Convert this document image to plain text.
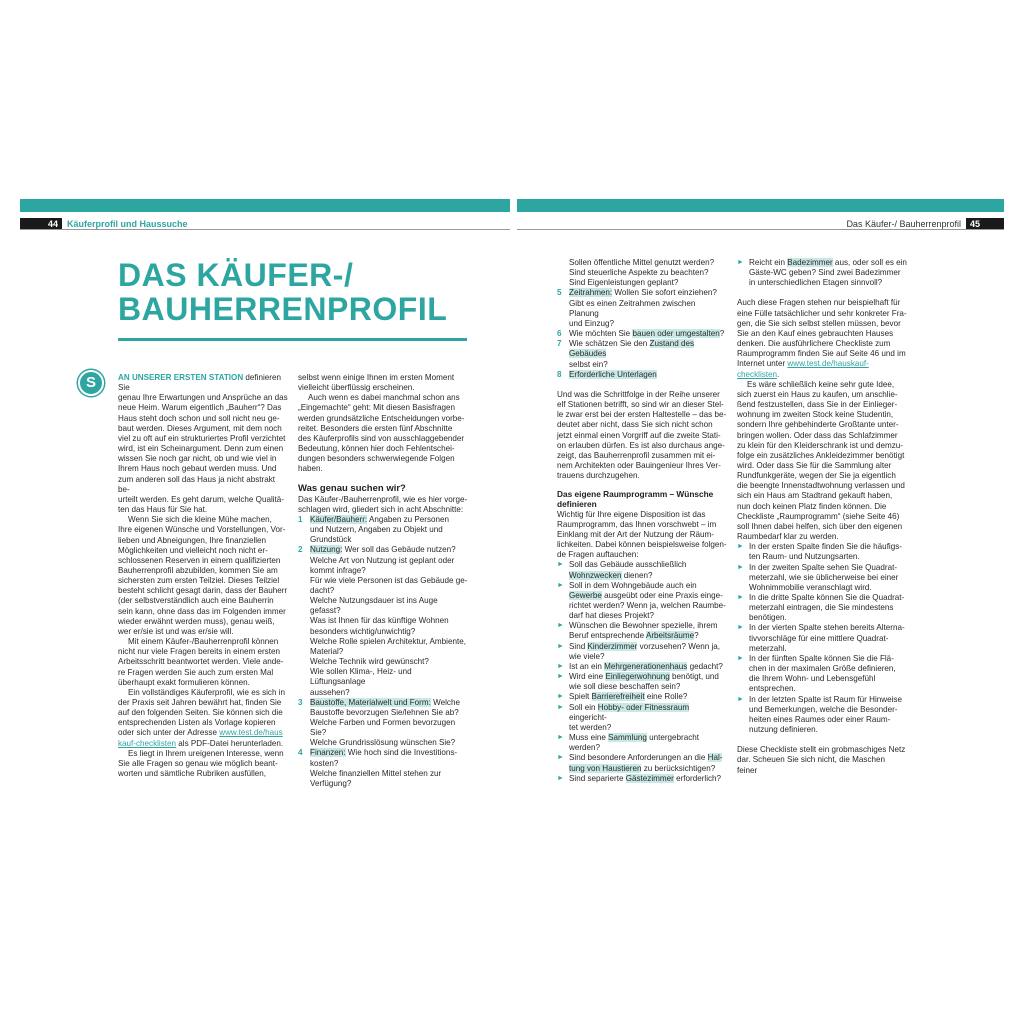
44	Käuferprofil und Haussuche	Das Käufer-/ Bauherrenprofil	45
DAS KÄUFER-/
BAUHERRENPROFIL
S	AN UNSERER ERSTEN STATION definieren Sie
genau Ihre Erwartungen und Ansprüche an das
neue Heim. Warum eigentlich „Bauherr“? Das
Haus steht doch schon und soll nicht neu ge-
baut werden. Dieses Argument, mit dem noch
viel zu oft auf ein strukturiertes Profil verzichtet
wird, ist ein Scheinargument. Denn zum einen
wissen Sie noch gar nicht, ob und wie viel in
Ihrem Haus noch gebaut werden muss. Und
zum anderen soll das Haus ja nicht abstrakt be-
urteilt werden. Es geht darum, welche Qualitä-
ten das Haus für Sie hat.
Wenn Sie sich die kleine Mühe machen,
Ihre eigenen Wünsche und Vorstellungen, Vor-
lieben und Abneigungen, Ihre finanziellen
Möglichkeiten und vielleicht noch nicht er-
schlossenen Reserven in einem qualifizierten
Bauherrenprofil abzubilden, kommen Sie am
sichersten zum ersten Teilziel. Dieses Teilziel
besteht schlicht gesagt darin, dass der Bauherr
(der selbstverständlich auch eine Bauherrin
sein kann, ohne dass das im Folgenden immer
wieder erwähnt werden muss), genau weiß,
wer er/sie ist und was er/sie will.
Mit einem Käufer-/Bauherrenprofil können
nicht nur viele Fragen bereits in einem ersten
Arbeitsschritt beantwortet werden. Viele ande-
re Fragen werden Sie auch zum ersten Mal
überhaupt exakt formulieren können.
Ein vollständiges Käuferprofil, wie es sich in
der Praxis seit Jahren bewährt hat, finden Sie
auf den folgenden Seiten. Sie können sich die
entsprechenden Listen als Vorlage kopieren
oder sich unter der Adresse www.test.de/haus
kauf-checklisten als PDF-Datei herunterladen.
Es liegt in Ihrem ureigenen Interesse, wenn
Sie alle Fragen so genau wie möglich beant-
worten und sämtliche Rubriken ausfüllen,
selbst wenn einige Ihnen im ersten Moment
vielleicht überflüssig erscheinen.
Auch wenn es dabei manchmal schon ans
„Eingemachte“ geht: Mit diesen Basisfragen
werden grundsätzliche Entscheidungen vorbe-
reitet. Besonders die ersten fünf Abschnitte
des Käuferprofils sind von ausschlaggebender
Bedeutung, können hier doch Fehlentschei-
dungen besonders schwerwiegende Folgen
haben.
Was genau suchen wir?
Das Käufer-/Bauherrenprofil, wie es hier vorge-
schlagen wird, gliedert sich in acht Abschnitte:
1 Käufer/Bauherr: Angaben zu Personen
und Nutzern, Angaben zu Objekt und
Grundstück
2 Nutzung: Wer soll das Gebäude nutzen?
Welche Art von Nutzung ist geplant oder
kommt infrage?
Für wie viele Personen ist das Gebäude ge-
dacht?
Welche Nutzungsdauer ist ins Auge gefasst?
Was ist Ihnen für das künftige Wohnen
besonders wichtig/unwichtig?
Welche Rolle spielen Architektur, Ambiente,
Material?
Welche Technik wird gewünscht?
Wie sollen Klima-, Heiz- und Lüftungsanlage
aussehen?
3 Baustoffe, Materialwelt und Form: Welche
Baustoffe bevorzugen Sie/lehnen Sie ab?
Welche Farben und Formen bevorzugen Sie?
Welche Grundrisslösung wünschen Sie?
4 Finanzen: Wie hoch sind die Investitions-
kosten?
Welche finanziellen Mittel stehen zur
Verfügung?
Sollen öffentliche Mittel genutzt werden?
Sind steuerliche Aspekte zu beachten?
Sind Eigenleistungen geplant?
5 Zeitrahmen: Wollen Sie sofort einziehen?
Gibt es einen Zeitrahmen zwischen Planung
und Einzug?
6 Wie möchten Sie bauen oder umgestalten?
7 Wie schätzen Sie den Zustand des Gebäudes
selbst ein?
8 Erforderliche Unterlagen
Und was die Schrittfolge in der Reihe unserer
elf Stationen betrifft, so sind wir an dieser Stel-
le zwar erst bei der ersten Haltestelle – das be-
deutet aber nicht, dass Sie sich nicht schon
jetzt einmal einen Vorgriff auf die zweite Stati-
on erlauben dürfen. Es ist also durchaus ange-
zeigt, das Bauherrenprofil zusammen mit ei-
nem Architekten oder Bauingenieur Ihres Ver-
trauens durchzugehen.
Das eigene Raumprogramm – Wünsche
definieren
Wichtig für Ihre eigene Disposition ist das
Raumprogramm, das Ihnen vorschwebt – im
Einklang mit der Art der Nutzung der Räum-
lichkeiten. Dabei können beispielsweise folgen-
de Fragen auftauchen:
► Soll das Gebäude ausschließlich
Wohnzwecken dienen?
► Soll in dem Wohngebäude auch ein
Gewerbe ausgeübt oder eine Praxis einge-
richtet werden? Wenn ja, welchen Raumbe-
darf hat dieses Projekt?
► Wünschen die Bewohner spezielle, ihrem
Beruf entsprechende Arbeitsräume?
► Sind Kinderzimmer vorzusehen? Wenn ja,
wie viele?
► Ist an ein Mehrgenerationenhaus gedacht?
► Wird eine Einliegerwohnung benötigt, und
wie soll diese beschaffen sein?
► Spielt Barrierefreiheit eine Rolle?
► Soll ein Hobby- oder Fitnessraum eingericht-
tet werden?
► Muss eine Sammlung untergebracht
werden?
► Sind besondere Anforderungen an die Hal-
tung von Haustieren zu berücksichtigen?
► Sind separierte Gästezimmer erforderlich?
► Reicht ein Badezimmer aus, oder soll es ein
Gäste-WC geben? Sind zwei Badezimmer
in unterschiedlichen Etagen sinnvoll?
Auch diese Fragen stehen nur beispielhaft für
eine Fülle tatsächlicher und sehr konkreter Fra-
gen, die Sie sich selbst stellen müssen, bevor
Sie an den Kauf eines gebrauchten Hauses
denken. Die ausführlichere Checkliste zum
Raumprogramm finden Sie auf Seite 46 und im
Internet unter www.test.de/hauskauf-checklisten.
Es wäre schließlich keine sehr gute Idee,
sich zuerst ein Haus zu kaufen, um anschlie-
ßend festzustellen, dass Sie in der Einlieger-
wohnung im zweiten Stock keine Studentin,
sondern Ihre gehbehinderte Großtante unter-
bringen wollen. Oder dass das Schlafzimmer
zu klein für den Kleiderschrank ist und demzu-
folge ein zusätzliches Ankleidezimmer benötigt
wird. Oder dass Sie für die Sammlung alter
Rundfunkgeräte, wegen der Sie ja eigentlich
die beengte Innenstadtwohnung verlassen und
sich ein Haus am Stadtrand gekauft haben,
nun doch keinen Platz finden können. Die
Checkliste „Raumprogramm“ (siehe Seite 46)
soll Ihnen dabei helfen, sich über den eigenen
Raumbedarf klar zu werden.
► In der ersten Spalte finden Sie die häufigs-
ten Raum- und Nutzungsarten.
► In der zweiten Spalte sehen Sie Quadrat-
meterzahl, wie sie üblicherweise bei einer
Wohnimmobilie veranschlagt wird.
► In die dritte Spalte können Sie die Quadrat-
meterzahl eintragen, die Sie mindestens
benötigen.
► In der vierten Spalte stehen bereits Alterna-
tivvorschläge für eine mittlere Quadrat-
meterzahl.
► In der fünften Spalte können Sie die Flä-
chen in der maximalen Größe definieren,
die Ihrem Wohn- und Lebensgefühl
entsprechen.
► In der letzten Spalte ist Raum für Hinweise
und Bemerkungen, welche die Besonder-
heiten eines Raumes oder einer Raum-
nutzung definieren.
Diese Checkliste stellt ein grobmaschiges Netz
dar. Scheuen Sie sich nicht, die Maschen feiner
